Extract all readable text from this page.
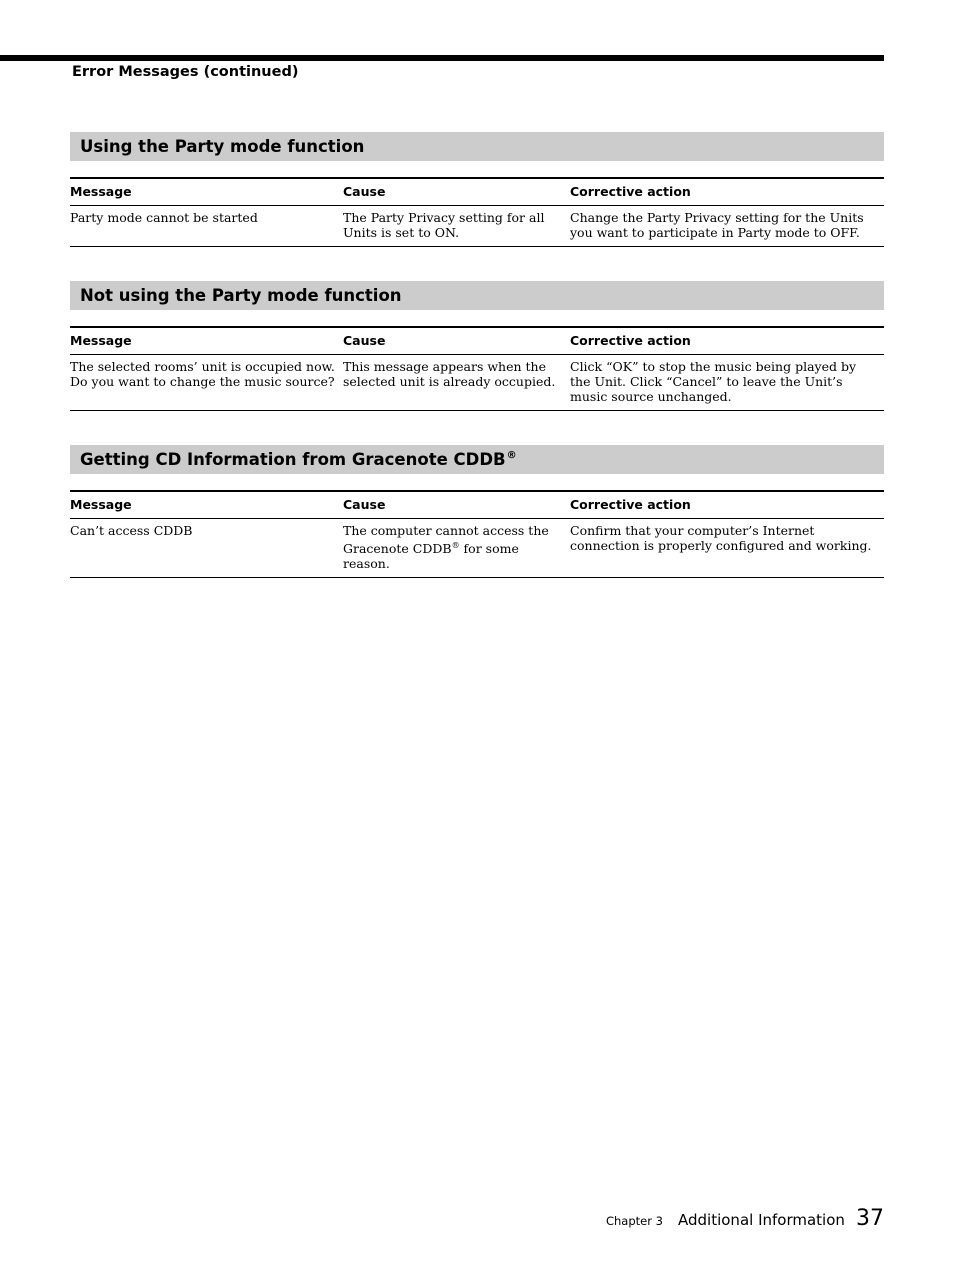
Error Messages (continued)
Using the Party mode function
Message	Cause	Corrective action
Party mode cannot be started	The Party Privacy setting for all Units is set to ON.	Change the Party Privacy setting for the Units you want to participate in Party mode to OFF.
Not using the Party mode function
Message	Cause	Corrective action
The selected rooms’ unit is occupied now. Do you want to change the music source?	This message appears when the selected unit is already occupied.	Click “OK” to stop the music being played by the Unit. Click “Cancel” to leave the Unit’s music source unchanged.
Getting CD Information from Gracenote CDDB®
Message	Cause	Corrective action
Can’t access CDDB	The computer cannot access the Gracenote CDDB® for some reason.	Confirm that your computer’s Internet connection is properly configured and working.
Chapter 3 Additional Information 37
